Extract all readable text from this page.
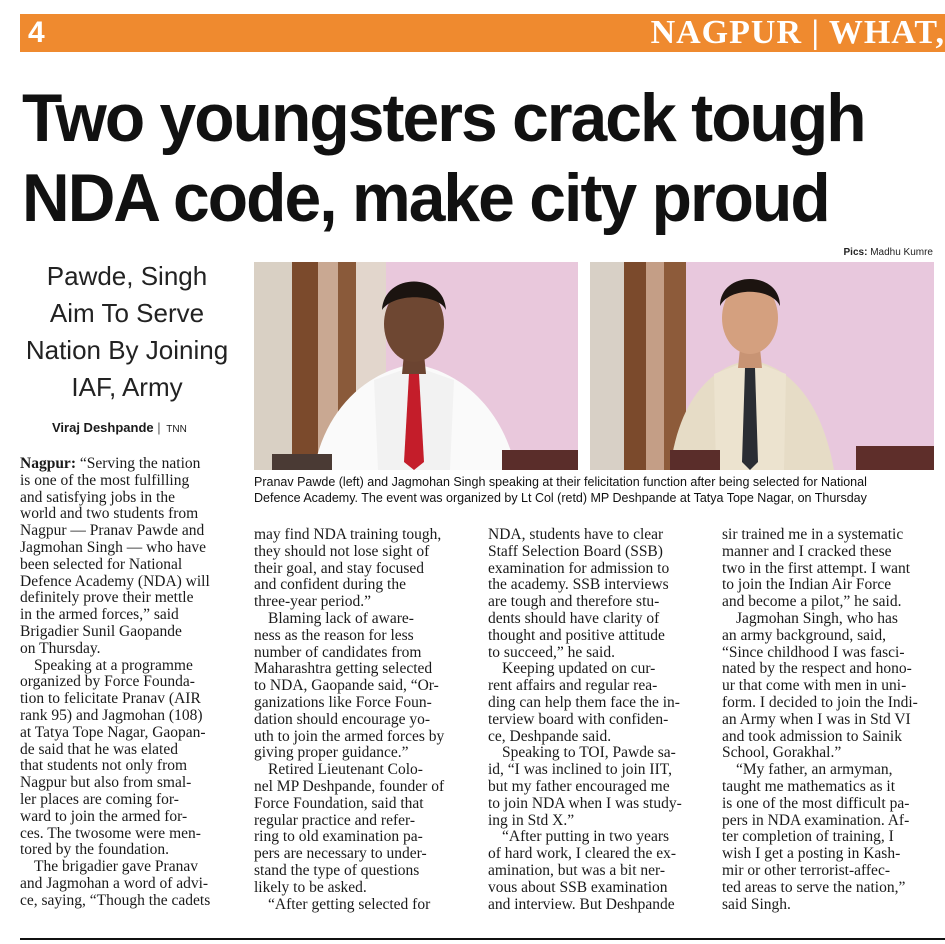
4	NAGPUR | WHAT,
Two youngsters crack tough
NDA code, make city proud
Pics: Madhu Kumre
Pawde, Singh
Aim To Serve
Nation By Joining
IAF, Army
Viraj Deshpande | TNN
Pranav Pawde (left) and Jagmohan Singh speaking at their felicitation function after being selected for National
Defence Academy. The event was organized by Lt Col (retd) MP Deshpande at Tatya Tope Nagar, on Thursday
Nagpur: “Serving the nation
is one of the most fulfilling
and satisfying jobs in the
world and two students from
Nagpur — Pranav Pawde and
Jagmohan Singh — who have
been selected for National
Defence Academy (NDA) will
definitely prove their mettle
in the armed forces,” said
Brigadier Sunil Gaopande
on Thursday.
Speaking at a programme
organized by Force Founda-
tion to felicitate Pranav (AIR
rank 95) and Jagmohan (108)
at Tatya Tope Nagar, Gaopan-
de said that he was elated
that students not only from
Nagpur but also from smal-
ler places are coming for-
ward to join the armed for-
ces. The twosome were men-
tored by the foundation.
The brigadier gave Pranav
and Jagmohan a word of advi-
ce, saying, “Though the cadets
may find NDA training tough,
they should not lose sight of
their goal, and stay focused
and confident during the
three-year period.”
Blaming lack of aware-
ness as the reason for less
number of candidates from
Maharashtra getting selected
to NDA, Gaopande said, “Or-
ganizations like Force Foun-
dation should encourage yo-
uth to join the armed forces by
giving proper guidance.”
Retired Lieutenant Colo-
nel MP Deshpande, founder of
Force Foundation, said that
regular practice and refer-
ring to old examination pa-
pers are necessary to under-
stand the type of questions
likely to be asked.
“After getting selected for
NDA, students have to clear
Staff Selection Board (SSB)
examination for admission to
the academy. SSB interviews
are tough and therefore stu-
dents should have clarity of
thought and positive attitude
to succeed,” he said.
Keeping updated on cur-
rent affairs and regular rea-
ding can help them face the in-
terview board with confiden-
ce, Deshpande said.
Speaking to TOI, Pawde sa-
id, “I was inclined to join IIT,
but my father encouraged me
to join NDA when I was study-
ing in Std X.”
“After putting in two years
of hard work, I cleared the ex-
amination, but was a bit ner-
vous about SSB examination
and interview. But Deshpande
sir trained me in a systematic
manner and I cracked these
two in the first attempt. I want
to join the Indian Air Force
and become a pilot,” he said.
Jagmohan Singh, who has
an army background, said,
“Since childhood I was fasci-
nated by the respect and hono-
ur that come with men in uni-
form. I decided to join the Indi-
an Army when I was in Std VI
and took admission to Sainik
School, Gorakhal.”
“My father, an armyman,
taught me mathematics as it
is one of the most difficult pa-
pers in NDA examination. Af-
ter completion of training, I
wish I get a posting in Kash-
mir or other terrorist-affec-
ted areas to serve the nation,”
said Singh.
